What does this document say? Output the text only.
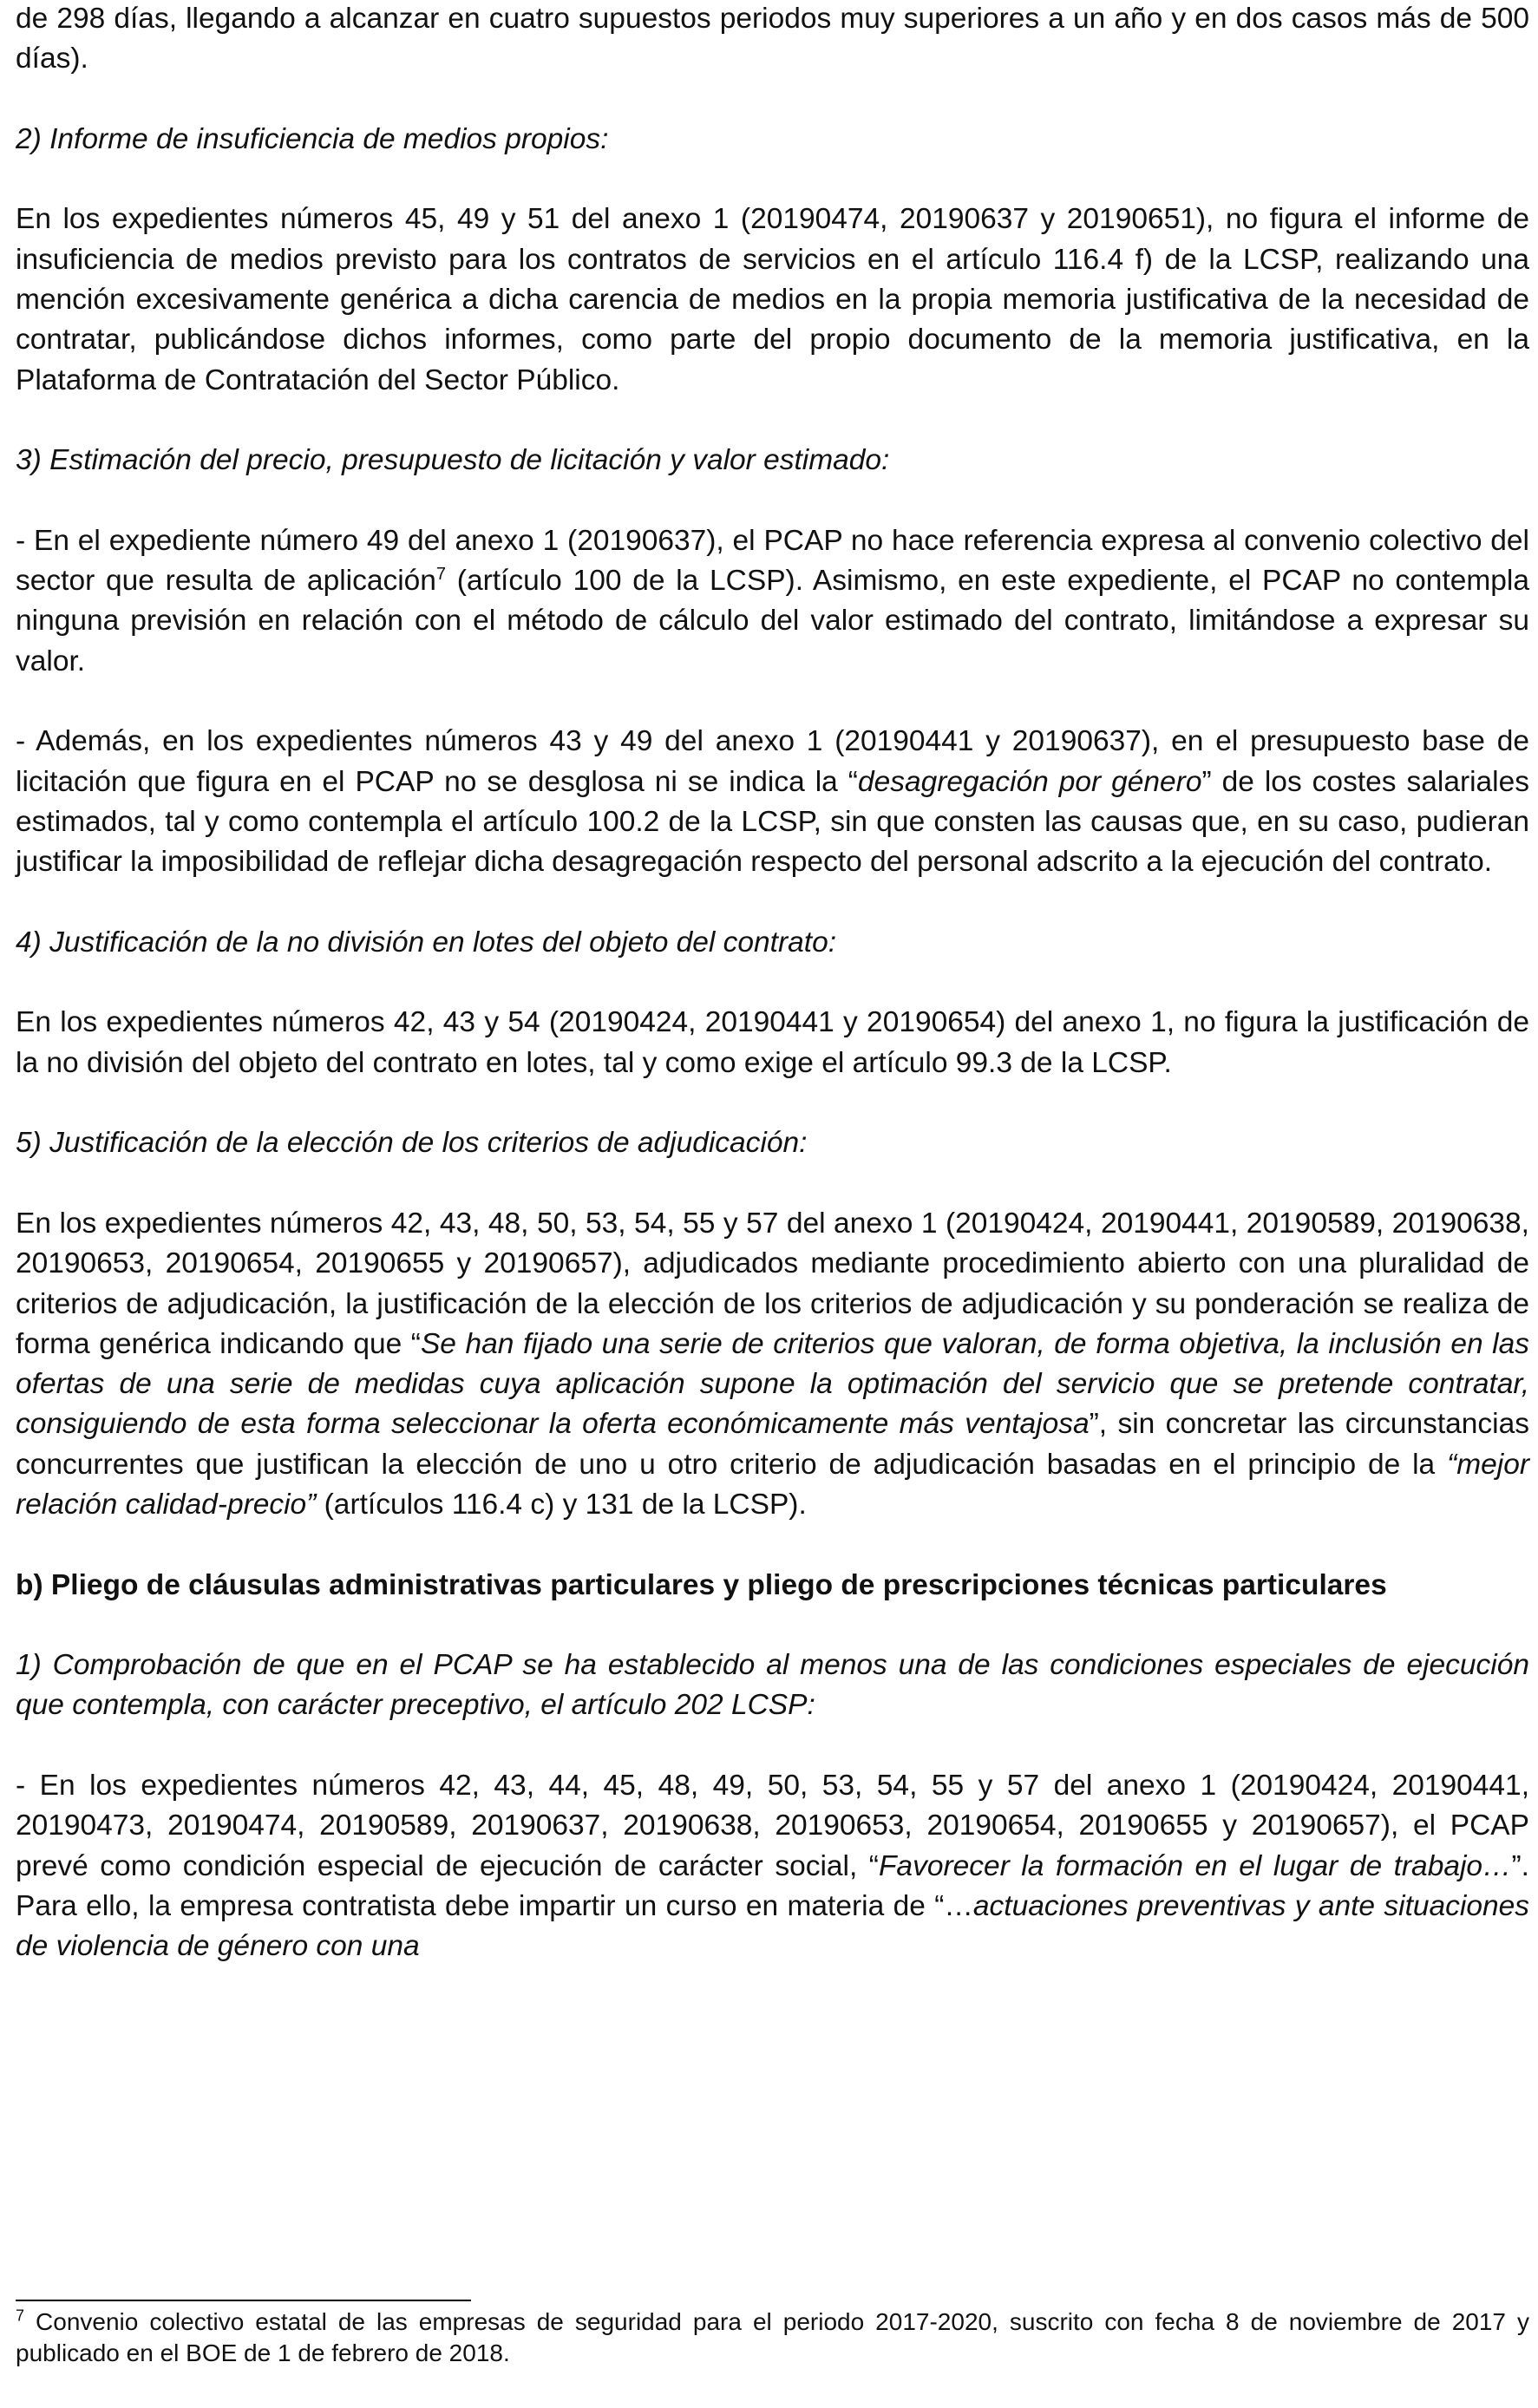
de 298 días, llegando a alcanzar en cuatro supuestos periodos muy superiores a un año y en dos casos más de 500 días).

2) Informe de insuficiencia de medios propios:

En los expedientes números 45, 49 y 51 del anexo 1 (20190474, 20190637 y 20190651), no figura el informe de insuficiencia de medios previsto para los contratos de servicios en el artículo 116.4 f) de la LCSP, realizando una mención excesivamente genérica a dicha carencia de medios en la propia memoria justificativa de la necesidad de contratar, publicándose dichos informes, como parte del propio documento de la memoria justificativa, en la Plataforma de Contratación del Sector Público.

3) Estimación del precio, presupuesto de licitación y valor estimado:

- En el expediente número 49 del anexo 1 (20190637), el PCAP no hace referencia expresa al convenio colectivo del sector que resulta de aplicación$^7$ (artículo 100 de la LCSP). Asimismo, en este expediente, el PCAP no contempla ninguna previsión en relación con el método de cálculo del valor estimado del contrato, limitándose a expresar su valor.

- Además, en los expedientes números 43 y 49 del anexo 1 (20190441 y 20190637), en el presupuesto base de licitación que figura en el PCAP no se desglosa ni se indica la “desagregación por género” de los costes salariales estimados, tal y como contempla el artículo 100.2 de la LCSP, sin que consten las causas que, en su caso, pudieran justificar la imposibilidad de reflejar dicha desagregación respecto del personal adscrito a la ejecución del contrato.

4) Justificación de la no división en lotes del objeto del contrato:

En los expedientes números 42, 43 y 54 (20190424, 20190441 y 20190654) del anexo 1, no figura la justificación de la no división del objeto del contrato en lotes, tal y como exige el artículo 99.3 de la LCSP.

5) Justificación de la elección de los criterios de adjudicación:

En los expedientes números 42, 43, 48, 50, 53, 54, 55 y 57 del anexo 1 (20190424, 20190441, 20190589, 20190638, 20190653, 20190654, 20190655 y 20190657), adjudicados mediante procedimiento abierto con una pluralidad de criterios de adjudicación, la justificación de la elección de los criterios de adjudicación y su ponderación se realiza de forma genérica indicando que “Se han fijado una serie de criterios que valoran, de forma objetiva, la inclusión en las ofertas de una serie de medidas cuya aplicación supone la optimación del servicio que se pretende contratar, consiguiendo de esta forma seleccionar la oferta económicamente más ventajosa”, sin concretar las circunstancias concurrentes que justifican la elección de uno u otro criterio de adjudicación basadas en el principio de la “mejor relación calidad-precio” (artículos 116.4 c) y 131 de la LCSP).

b) Pliego de cláusulas administrativas particulares y pliego de prescripciones técnicas particulares

1) Comprobación de que en el PCAP se ha establecido al menos una de las condiciones especiales de ejecución que contempla, con carácter preceptivo, el artículo 202 LCSP:

- En los expedientes números 42, 43, 44, 45, 48, 49, 50, 53, 54, 55 y 57 del anexo 1 (20190424, 20190441, 20190473, 20190474, 20190589, 20190637, 20190638, 20190653, 20190654, 20190655 y 20190657), el PCAP prevé como condición especial de ejecución de carácter social, “Favorecer la formación en el lugar de trabajo…”. Para ello, la empresa contratista debe impartir un curso en materia de “…actuaciones preventivas y ante situaciones de violencia de género con una

$^7$ Convenio colectivo estatal de las empresas de seguridad para el periodo 2017-2020, suscrito con fecha 8 de noviembre de 2017 y publicado en el BOE de 1 de febrero de 2018.
